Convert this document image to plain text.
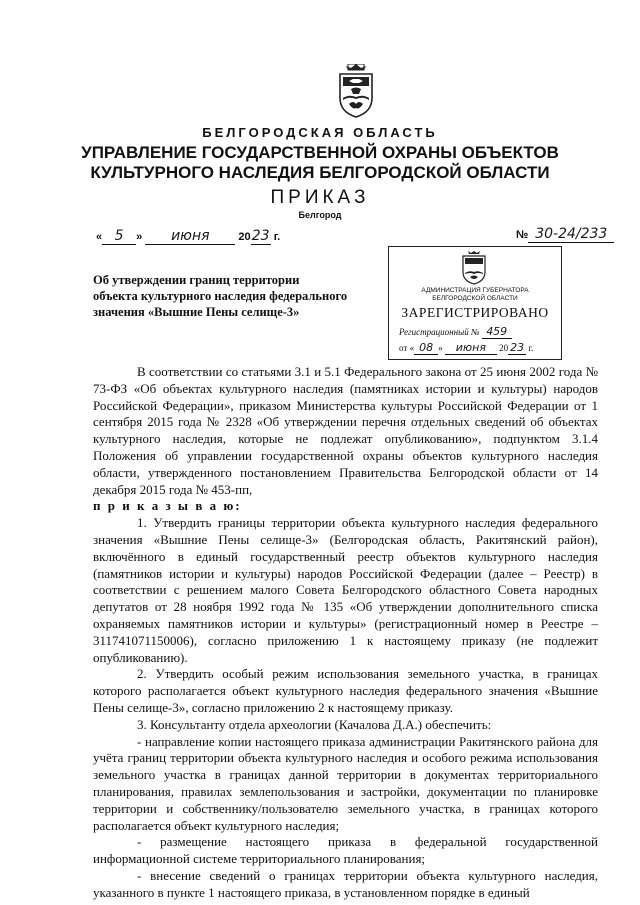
БЕЛГОРОДСКАЯ ОБЛАСТЬ
УПРАВЛЕНИЕ ГОСУДАРСТВЕННОЙ ОХРАНЫ ОБЪЕКТОВ
КУЛЬТУРНОГО НАСЛЕДИЯ БЕЛГОРОДСКОЙ ОБЛАСТИ
ПРИКАЗ
Белгород
« 5 » июня	2023 г.	№ 30-24/233
Об утверждении границ территории
объекта культурного наследия федерального
значения «Вышние Пены селище-3»
АДМИНИСТРАЦИЯ ГУБЕРНАТОРА
БЕЛГОРОДСКОЙ ОБЛАСТИ
ЗАРЕГИСТРИРОВАНО
Регистрационный № 459
от « 08 » июня 20 23 г.

В соответствии со статьями 3.1 и 5.1 Федерального закона от 25 июня 2002 года № 73-ФЗ «Об объектах культурного наследия (памятниках истории и культуры) народов Российской Федерации», приказом Министерства культуры Российской Федерации от 1 сентября 2015 года № 2328 «Об утверждении перечня отдельных сведений об объектах культурного наследия, которые не подлежат опубликованию», подпунктом 3.1.4 Положения об управлении государственной охраны объектов культурного наследия области, утвержденного постановлением Правительства Белгородской области от 14 декабря 2015 года № 453-пп,

п р и к а з ы в а ю:

1. Утвердить границы территории объекта культурного наследия федерального значения «Вышние Пены селище-3» (Белгородская область, Ракитянский район), включённого в единый государственный реестр объектов культурного наследия (памятников истории и культуры) народов Российской Федерации (далее – Реестр) в соответствии с решением малого Совета Белгородского областного Совета народных депутатов от 28 ноября 1992 года № 135 «Об утверждении дополнительного списка охраняемых памятников истории и культуры» (регистрационный номер в Реестре – 311741071150006), согласно приложению 1 к настоящему приказу (не подлежит опубликованию).

2. Утвердить особый режим использования земельного участка, в границах которого располагается объект культурного наследия федерального значения «Вышние Пены селище-3», согласно приложению 2 к настоящему приказу.

3. Консультанту отдела археологии (Качалова Д.А.) обеспечить:

- направление копии настоящего приказа администрации Ракитянского района для учёта границ территории объекта культурного наследия и особого режима использования земельного участка в границах данной территории в документах территориального планирования, правилах землепользования и застройки, документации по планировке территории и собственнику/пользователю земельного участка, в границах которого располагается объект культурного наследия;

- размещение настоящего приказа в федеральной государственной информационной системе территориального планирования;

- внесение сведений о границах территории объекта культурного наследия, указанного в пункте 1 настоящего приказа, в установленном порядке в единый
